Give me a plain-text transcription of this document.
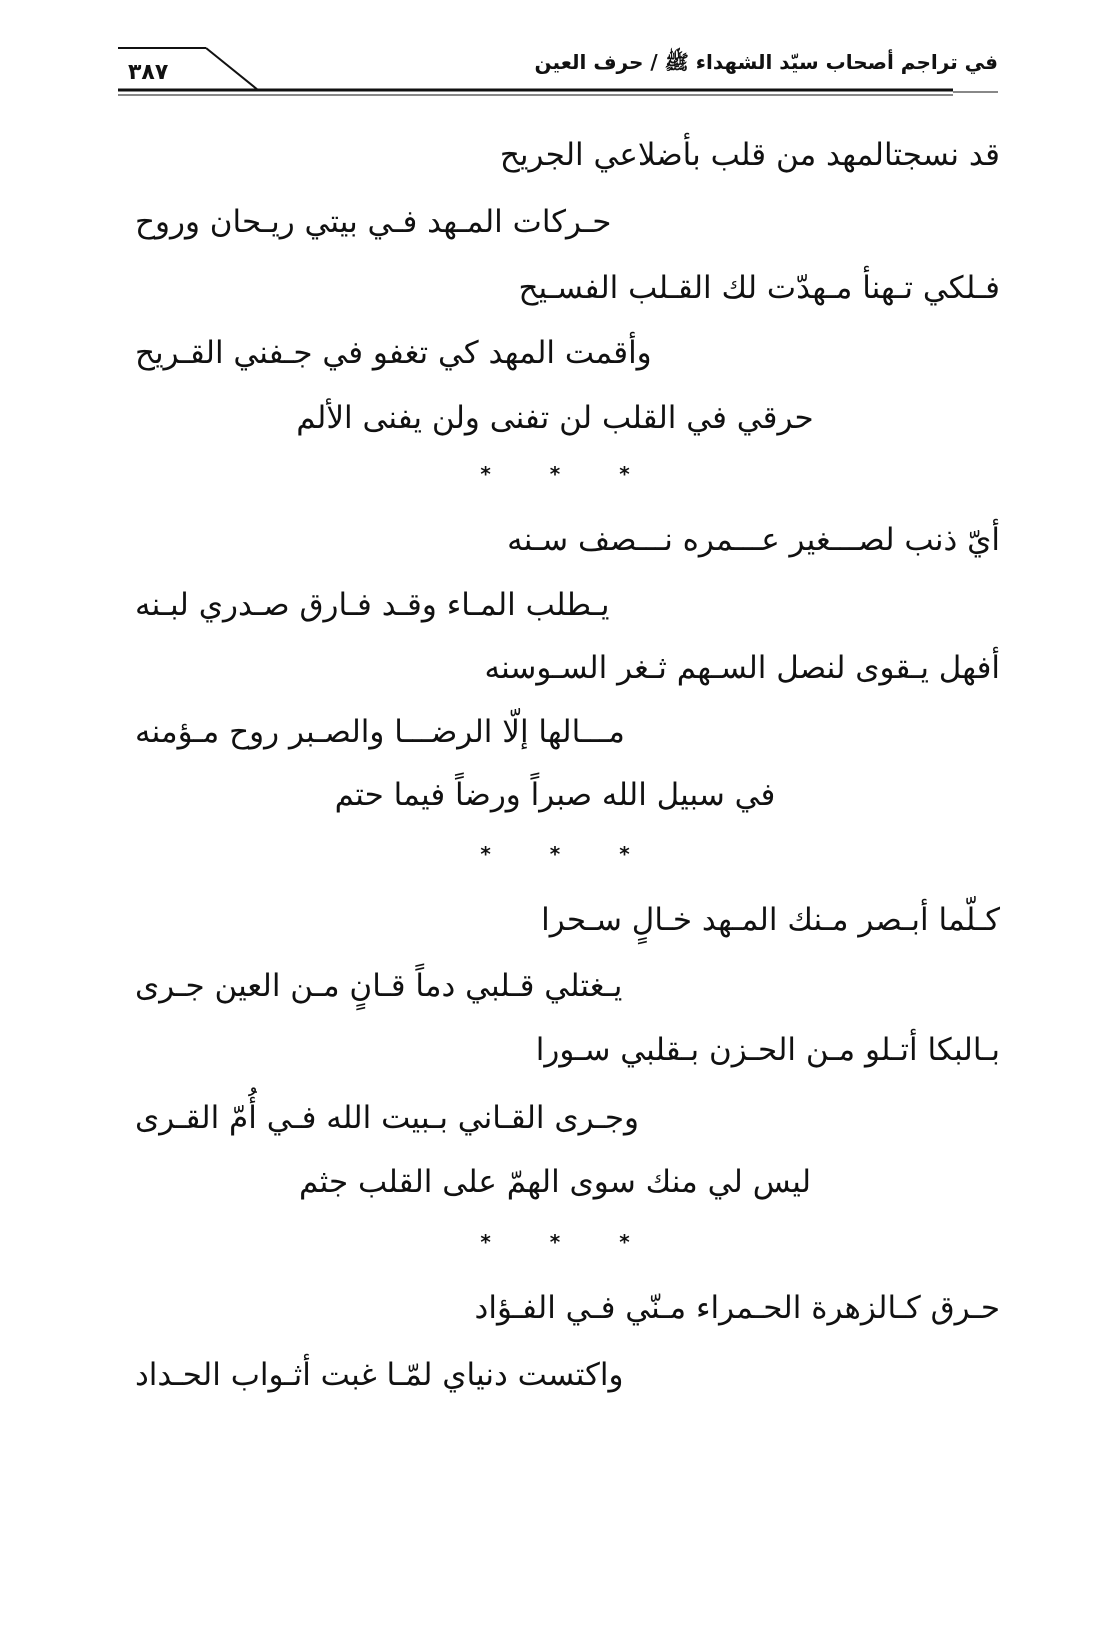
٣٨٧	في تراجم أصحاب سيّد الشهداء ﷺ / حرف العين
قد نسجتالمهد من قلب بأضلاعي الجريح
حـركات المـهد فـي بيتي ريـحان وروح
فـلكي تـهنأ مـهدّت لك القـلب الفسـيح
وأقمت المهد كي تغفو في جـفني القـريح
حرقي في القلب لن تفنى ولن يفنى الألم
* * *
أيّ ذنب لصـــغير عـــمره نـــصف سـنه
يـطلب المـاء وقـد فـارق صـدري لبـنه
أفهل يـقوى لنصل السـهم ثـغر السـوسنه
مـــالها إلّا الرضـــا والصـبر روح مـؤمنه
في سبيل الله صبراً ورضاً فيما حتم
* * *
كـلّما أبـصر مـنك المـهد خـالٍ سـحرا
يـغتلي قـلبي دماً قـانٍ مـن العين جـرى
بـالبكا أتـلو مـن الحـزن بـقلبي سـورا
وجـرى القـاني بـبيت الله فـي أُمّ القـرى
ليس لي منك سوى الهمّ على القلب جثم
* * *
حـرق كـالزهرة الحـمراء مـنّي فـي الفـؤاد
واكتست دنياي لمّـا غبت أثـواب الحـداد
